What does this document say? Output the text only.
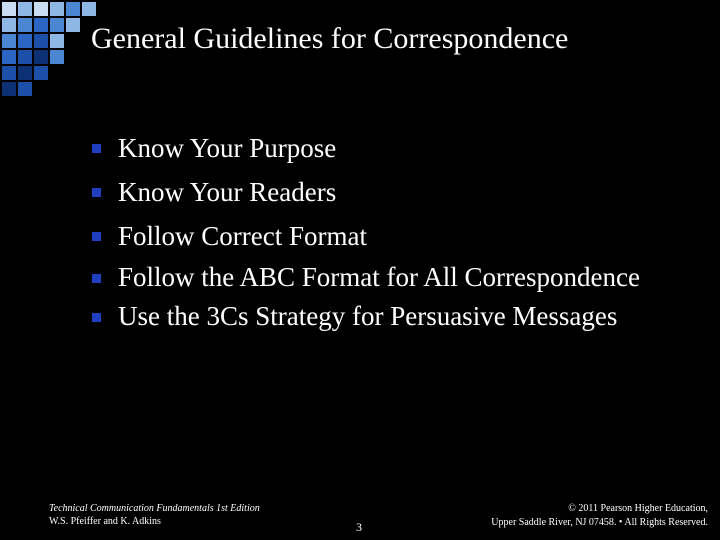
General Guidelines for Correspondence
Know Your Purpose
Know Your Readers
Follow Correct Format
Follow the ABC Format for All Correspondence
Use the 3Cs Strategy for Persuasive Messages
Technical Communication Fundamentals 1st Edition
W.S. Pfeiffer and K. Adkins	3
© 2011 Pearson Higher Education,
Upper Saddle River, NJ 07458. • All Rights Reserved.
